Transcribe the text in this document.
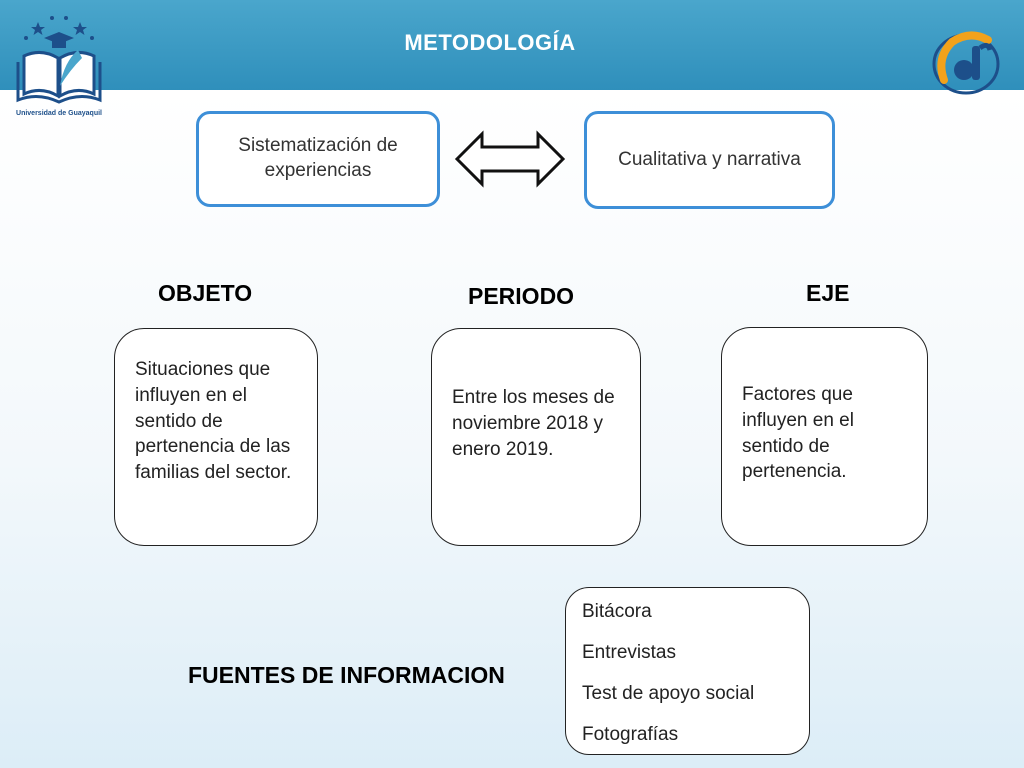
Universidad de Guayaquil
METODOLOGÍA
Sistematización de experiencias
Cualitativa y narrativa
OBJETO	PERIODO	EJE
Situaciones que influyen en el sentido de pertenencia de las familias del sector.
Entre los meses de noviembre 2018 y enero 2019.
Factores que influyen en el sentido de pertenencia.
FUENTES DE INFORMACION
Bitácora
Entrevistas
Test de apoyo social
Fotografías
